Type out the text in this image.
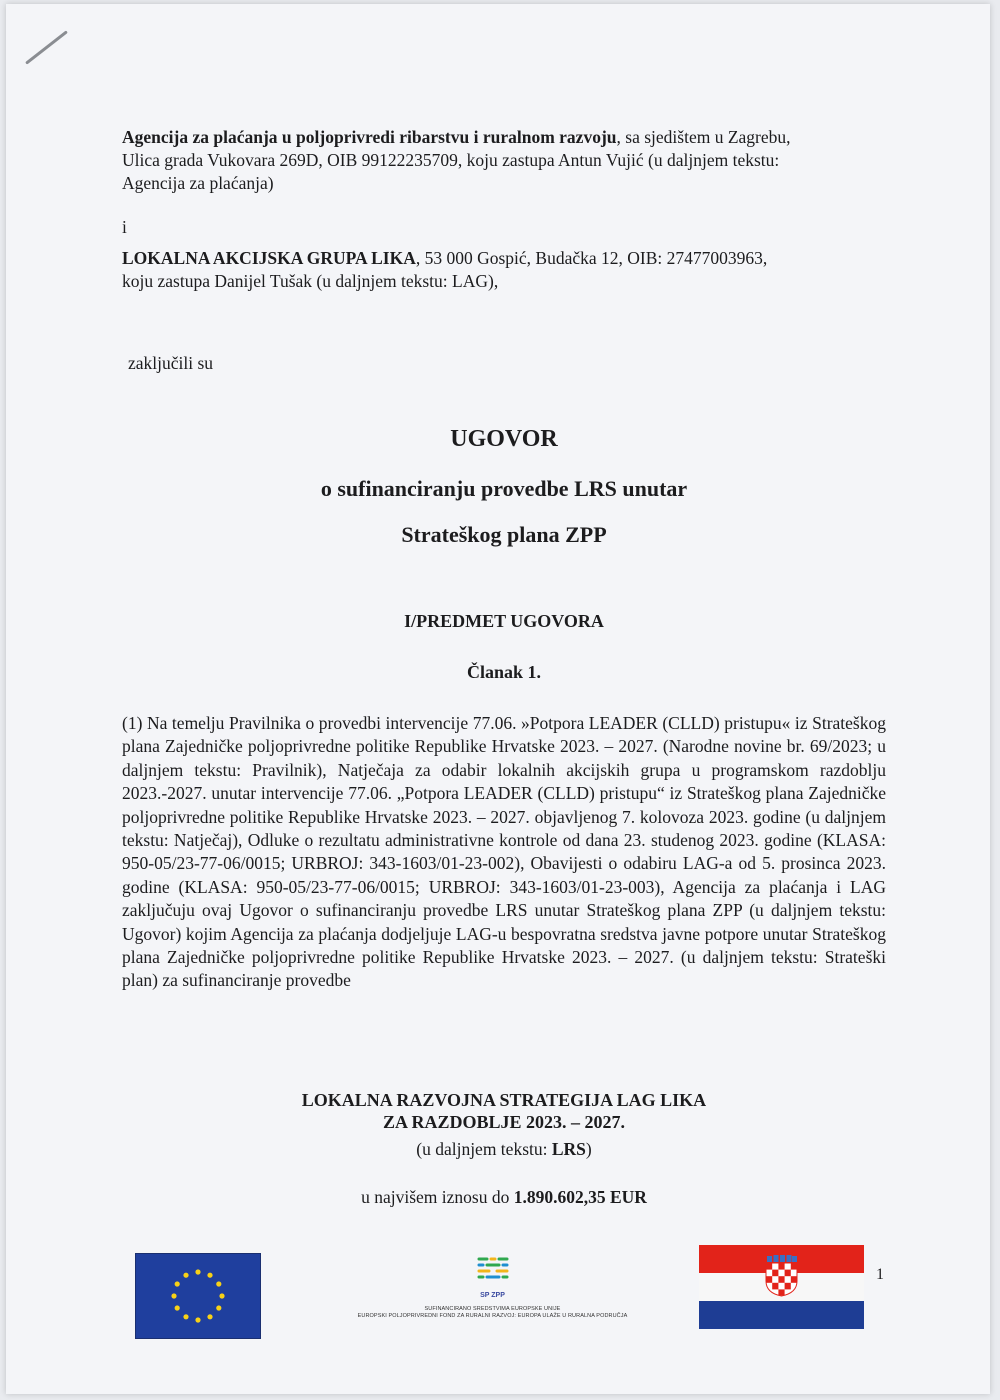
Agencija za plaćanja u poljoprivredi ribarstvu i ruralnom razvoju, sa sjedištem u Zagrebu,
Ulica grada Vukovara 269D, OIB 99122235709, koju zastupa Antun Vujić (u daljnjem tekstu:
Agencija za plaćanja)

i

LOKALNA AKCIJSKA GRUPA LIKA, 53 000 Gospić, Budačka 12, OIB: 27477003963,
koju zastupa Danijel Tušak (u daljnjem tekstu: LAG),

zaključili su

UGOVOR

o sufinanciranju provedbe LRS unutar

Strateškog plana ZPP

I/PREDMET UGOVORA

Članak 1.

(1) Na temelju Pravilnika o provedbi intervencije 77.06. »Potpora LEADER (CLLD) pristupu« iz Strateškog plana Zajedničke poljoprivredne politike Republike Hrvatske 2023. – 2027. (Narodne novine br. 69/2023; u daljnjem tekstu: Pravilnik), Natječaja za odabir lokalnih akcijskih grupa u programskom razdoblju 2023.-2027. unutar intervencije 77.06. „Potpora LEADER (CLLD) pristupu“ iz Strateškog plana Zajedničke poljoprivredne politike Republike Hrvatske 2023. – 2027. objavljenog 7. kolovoza 2023. godine (u daljnjem tekstu: Natječaj), Odluke o rezultatu administrativne kontrole od dana 23. studenog 2023. godine (KLASA: 950-05/23-77-06/0015; URBROJ: 343-1603/01-23-002), Obavijesti o odabiru LAG-a od 5. prosinca 2023. godine (KLASA: 950-05/23-77-06/0015; URBROJ: 343-1603/01-23-003), Agencija za plaćanja i LAG zaključuju ovaj Ugovor o sufinanciranju provedbe LRS unutar Strateškog plana ZPP (u daljnjem tekstu: Ugovor) kojim Agencija za plaćanja dodjeljuje LAG-u bespovratna sredstva javne potpore unutar Strateškog plana Zajedničke poljoprivredne politike Republike Hrvatske 2023. – 2027. (u daljnjem tekstu: Strateški plan) za sufinanciranje provedbe

LOKALNA RAZVOJNA STRATEGIJA LAG LIKA
ZA RAZDOBLJE 2023. – 2027.

(u daljnjem tekstu: LRS)

u najvišem iznosu do 1.890.602,35 EUR

SP ZPP
SUFINANCIRANO SREDSTVIMA EUROPSKE UNIJE
EUROPSKI POLJOPRIVREDNI FOND ZA RURALNI RAZVOJ: EUROPA ULAŽE U RURALNA PODRUČJA
1
